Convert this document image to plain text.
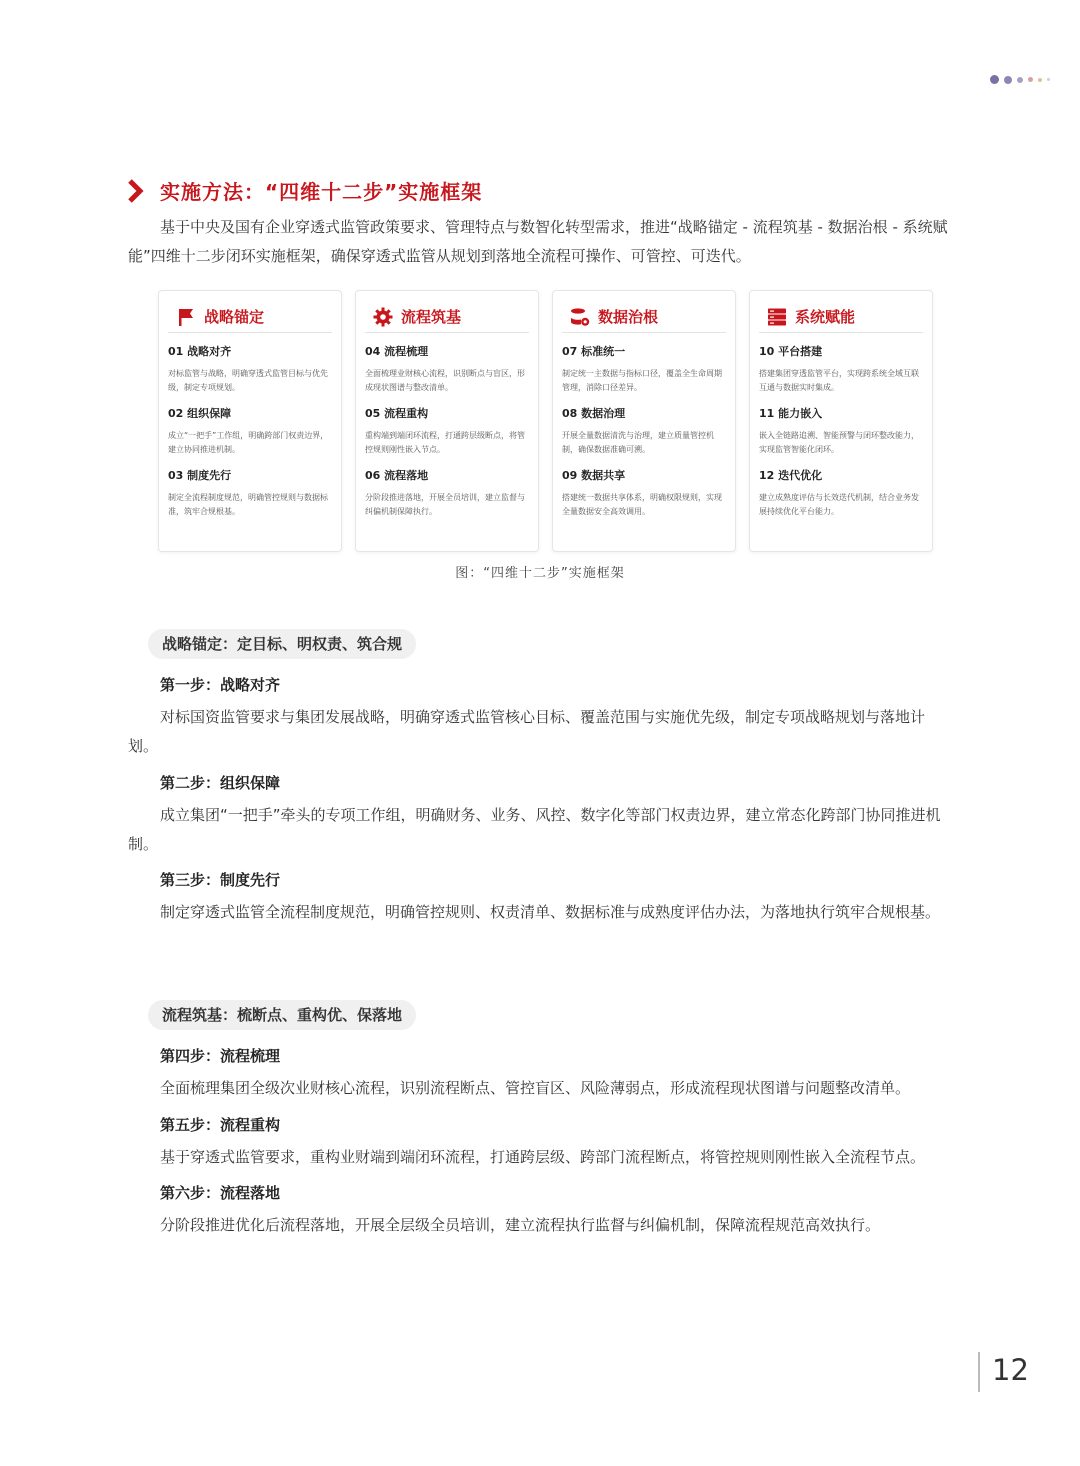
实施方法：“四维十二步”实施框架

基于中央及国有企业穿透式监管政策要求、管理特点与数智化转型需求，推进“战略锚定 - 流程筑基 - 数据治根 - 系统赋能”四维十二步闭环实施框架，确保穿透式监管从规划到落地全流程可操作、可管控、可迭代。

战略锚定
01 战略对齐
对标监管与战略，明确穿透式监管目标与优先级，制定专项规划。
02 组织保障
成立“一把手”工作组，明确跨部门权责边界，建立协同推进机制。
03 制度先行
制定全流程制度规范，明确管控规则与数据标准，筑牢合规根基。
流程筑基
04 流程梳理
全面梳理业财核心流程，识别断点与盲区，形成现状图谱与整改清单。
05 流程重构
重构端到端闭环流程，打通跨层级断点，将管控规则刚性嵌入节点。
06 流程落地
分阶段推进落地，开展全员培训，建立监督与纠偏机制保障执行。
数据治根
07 标准统一
制定统一主数据与指标口径，覆盖全生命周期管理，消除口径差异。
08 数据治理
开展全量数据清洗与治理，建立质量管控机制，确保数据准确可溯。
09 数据共享
搭建统一数据共享体系，明确权限规则，实现全量数据安全高效调用。
系统赋能
10 平台搭建
搭建集团穿透监管平台，实现跨系统全域互联互通与数据实时集成。
11 能力嵌入
嵌入全链路追溯、智能预警与闭环整改能力，实现监管智能化闭环。
12 迭代优化
建立成熟度评估与长效迭代机制，结合业务发展持续优化平台能力。
图：“四维十二步”实施框架
战略锚定：定目标、明权责、筑合规
第一步：战略对齐

对标国资监管要求与集团发展战略，明确穿透式监管核心目标、覆盖范围与实施优先级，制定专项战略规划与落地计划。

第二步：组织保障

成立集团“一把手”牵头的专项工作组，明确财务、业务、风控、数字化等部门权责边界，建立常态化跨部门协同推进机制。

第三步：制度先行

制定穿透式监管全流程制度规范，明确管控规则、权责清单、数据标准与成熟度评估办法，为落地执行筑牢合规根基。

流程筑基：梳断点、重构优、保落地
第四步：流程梳理

全面梳理集团全级次业财核心流程，识别流程断点、管控盲区、风险薄弱点，形成流程现状图谱与问题整改清单。

第五步：流程重构

基于穿透式监管要求，重构业财端到端闭环流程，打通跨层级、跨部门流程断点，将管控规则刚性嵌入全流程节点。

第六步：流程落地

分阶段推进优化后流程落地，开展全层级全员培训，建立流程执行监督与纠偏机制，保障流程规范高效执行。

12
